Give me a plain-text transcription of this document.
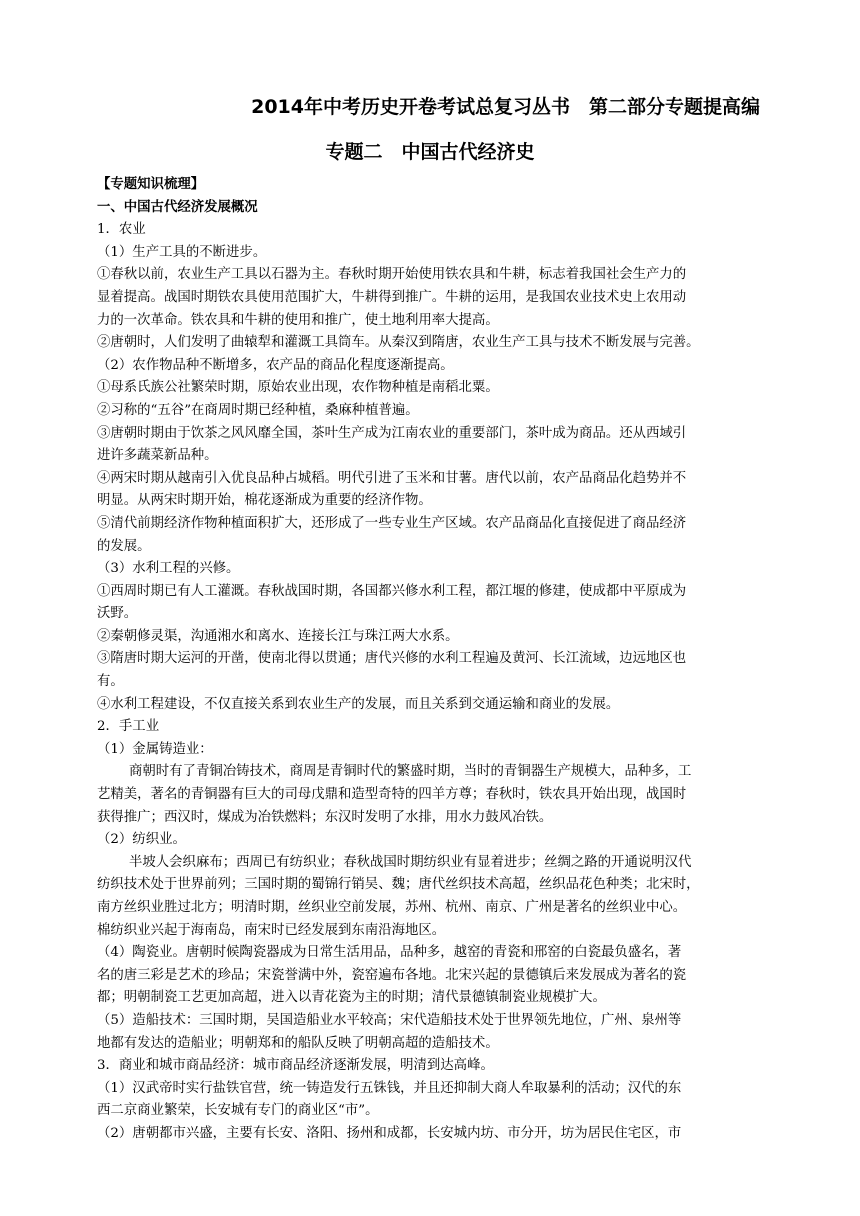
2014年中考历史开卷考试总复习丛书　第二部分专题提高编
专题二　中国古代经济史
【专题知识梳理】
一、中国古代经济发展概况
1．农业
（1）生产工具的不断进步。
①春秋以前，农业生产工具以石器为主。春秋时期开始使用铁农具和牛耕，标志着我国社会生产力的
显着提高。战国时期铁农具使用范围扩大，牛耕得到推广。牛耕的运用，是我国农业技术史上农用动
力的一次革命。铁农具和牛耕的使用和推广，使土地利用率大提高。
②唐朝时，人们发明了曲辕犁和灌溉工具筒车。从秦汉到隋唐，农业生产工具与技术不断发展与完善。
（2）农作物品种不断增多，农产品的商品化程度逐渐提高。
①母系氏族公社繁荣时期，原始农业出现，农作物种植是南稻北粟。
②习称的“五谷”在商周时期已经种植，桑麻种植普遍。
③唐朝时期由于饮茶之风风靡全国，茶叶生产成为江南农业的重要部门，茶叶成为商品。还从西域引
进许多蔬菜新品种。
④两宋时期从越南引入优良品种占城稻。明代引进了玉米和甘薯。唐代以前，农产品商品化趋势并不
明显。从两宋时期开始，棉花逐渐成为重要的经济作物。
⑤清代前期经济作物种植面积扩大，还形成了一些专业生产区域。农产品商品化直接促进了商品经济
的发展。
（3）水利工程的兴修。
①西周时期已有人工灌溉。春秋战国时期，各国都兴修水利工程，都江堰的修建，使成都中平原成为
沃野。
②秦朝修灵渠，沟通湘水和离水、连接长江与珠江两大水系。
③隋唐时期大运河的开凿，使南北得以贯通；唐代兴修的水利工程遍及黄河、长江流域，边远地区也
有。
④水利工程建设，不仅直接关系到农业生产的发展，而且关系到交通运输和商业的发展。
2．手工业
（1）金属铸造业：
商朝时有了青铜冶铸技术，商周是青铜时代的繁盛时期，当时的青铜器生产规模大，品种多，工
艺精美，著名的青铜器有巨大的司母戊鼎和造型奇特的四羊方尊；春秋时，铁农具开始出现，战国时
获得推广；西汉时，煤成为冶铁燃料；东汉时发明了水排，用水力鼓风冶铁。
（2）纺织业。
半坡人会织麻布；西周已有纺织业；春秋战国时期纺织业有显着进步；丝绸之路的开通说明汉代
纺织技术处于世界前列；三国时期的蜀锦行销吴、魏；唐代丝织技术高超，丝织品花色种类；北宋时，
南方丝织业胜过北方；明清时期，丝织业空前发展，苏州、杭州、南京、广州是著名的丝织业中心。
棉纺织业兴起于海南岛，南宋时已经发展到东南沿海地区。
（4）陶瓷业。唐朝时候陶瓷器成为日常生活用品，品种多，越窑的青瓷和邢窑的白瓷最负盛名，著
名的唐三彩是艺术的珍品；宋瓷誉满中外，瓷窑遍布各地。北宋兴起的景德镇后来发展成为著名的瓷
都；明朝制瓷工艺更加高超，进入以青花瓷为主的时期；清代景德镇制瓷业规模扩大。
（5）造船技术：三国时期，吴国造船业水平较高；宋代造船技术处于世界领先地位，广州、泉州等
地都有发达的造船业；明朝郑和的船队反映了明朝高超的造船技术。
3．商业和城市商品经济：城市商品经济逐渐发展，明清到达高峰。
（1）汉武帝时实行盐铁官营，统一铸造发行五铢钱，并且还抑制大商人牟取暴利的活动；汉代的东
西二京商业繁荣，长安城有专门的商业区“市”。
（2）唐朝都市兴盛，主要有长安、洛阳、扬州和成都，长安城内坊、市分开，坊为居民住宅区，市
